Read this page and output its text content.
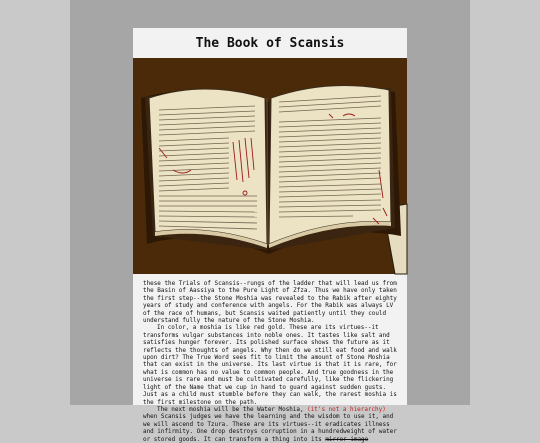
The Book of Scansis

these the Trials of Scansis--rungs of the ladder that will lead us from the Basin of Aassiya to the Pure Light of Zfza. Thus we have only taken the first step--the Stone Moshia was revealed to the Rabik after eighty years of study and conference with angels. For the Rabik was always LV of the race of humans, but Scansis waited patiently until they could understand fully the nature of the Stone Moshia.

In color, a moshia is like red gold. These are its virtues--it transforms vulgar substances into noble ones. It tastes like salt and satisfies hunger forever. Its polished surface shows the future as it reflects the thoughts of angels. Why then do we still eat food and walk upon dirt? The True Word sees fit to limit the amount of Stone Moshia that can exist in the universe. Its last virtue is that it is rare, for what is common has no value to common people. And true goodness in the universe is rare and must be cultivated carefully, like the flickering light of the Name that we cup in hand to guard against sudden gusts. Just as a child must stumble before they can walk, the rarest moshia is the first milestone on the path.

The next moshia will be the Water Moshia, (it's not a hierarchy) when Scansis judges we have the learning and the wisdom to use it, and we will ascend to Tzura. These are its virtues--it eradicates illness and infirmity. One drop destroys corruption in a hundredweight of water or stored goods. It can transform a thing into its mirror image
